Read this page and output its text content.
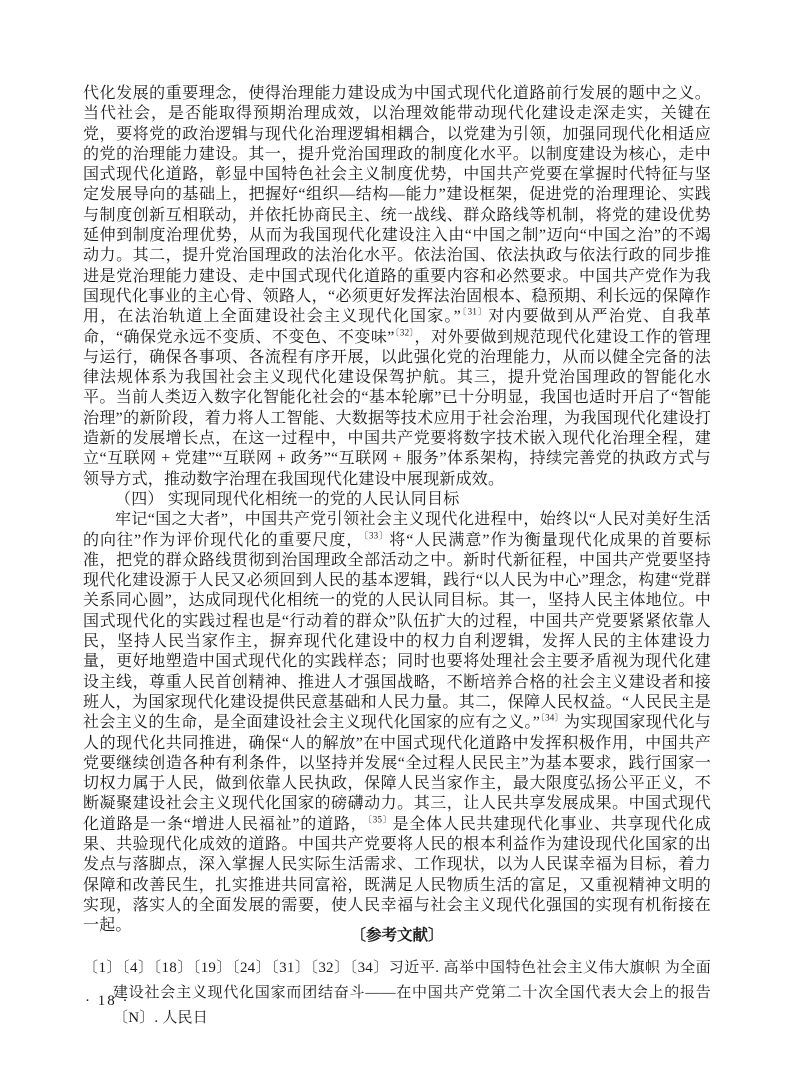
代化发展的重要理念，使得治理能力建设成为中国式现代化道路前行发展的题中之义。当代社会，是否能取得预期治理成效，以治理效能带动现代化建设走深走实，关键在党，要将党的政治逻辑与现代化治理逻辑相耦合，以党建为引领，加强同现代化相适应的党的治理能力建设。其一，提升党治国理政的制度化水平。以制度建设为核心，走中国式现代化道路，彰显中国特色社会主义制度优势，中国共产党要在掌握时代特征与坚定发展导向的基础上，把握好“组织—结构—能力”建设框架，促进党的治理理论、实践与制度创新互相联动，并依托协商民主、统一战线、群众路线等机制，将党的建设优势延伸到制度治理优势，从而为我国现代化建设注入由“中国之制”迈向“中国之治”的不竭动力。其二，提升党治国理政的法治化水平。依法治国、依法执政与依法行政的同步推进是党治理能力建设、走中国式现代化道路的重要内容和必然要求。中国共产党作为我国现代化事业的主心骨、领路人，“必须更好发挥法治固根本、稳预期、利长远的保障作用，在法治轨道上全面建设社会主义现代化国家。”$^{〔31〕}$对内要做到从严治党、自我革命，“确保党永远不变质、不变色、不变味”$^{〔32〕}$，对外要做到规范现代化建设工作的管理与运行，确保各事项、各流程有序开展，以此强化党的治理能力，从而以健全完备的法律法规体系为我国社会主义现代化建设保驾护航。其三，提升党治国理政的智能化水平。当前人类迈入数字化智能化社会的“基本轮廓”已十分明显，我国也适时开启了“智能治理”的新阶段，着力将人工智能、大数据等技术应用于社会治理，为我国现代化建设打造新的发展增长点，在这一过程中，中国共产党要将数字技术嵌入现代化治理全程，建立“互联网 + 党建”“互联网 + 政务”“互联网 + 服务”体系架构，持续完善党的执政方式与领导方式，推动数字治理在我国现代化建设中展现新成效。

（四） 实现同现代化相统一的党的人民认同目标

牢记“国之大者”，中国共产党引领社会主义现代化进程中，始终以“人民对美好生活的向往”作为评价现代化的重要尺度，$^{〔33〕}$将“人民满意”作为衡量现代化成果的首要标准，把党的群众路线贯彻到治国理政全部活动之中。新时代新征程，中国共产党要坚持现代化建设源于人民又必须回到人民的基本逻辑，践行“以人民为中心”理念，构建“党群关系同心圆”，达成同现代化相统一的党的人民认同目标。其一，坚持人民主体地位。中国式现代化的实践过程也是“行动着的群众”队伍扩大的过程，中国共产党要紧紧依靠人民，坚持人民当家作主，摒弃现代化建设中的权力自利逻辑，发挥人民的主体建设力量，更好地塑造中国式现代化的实践样态；同时也要将处理社会主要矛盾视为现代化建设主线，尊重人民首创精神、推进人才强国战略，不断培养合格的社会主义建设者和接班人，为国家现代化建设提供民意基础和人民力量。其二，保障人民权益。“人民民主是社会主义的生命，是全面建设社会主义现代化国家的应有之义。”$^{〔34〕}$为实现国家现代化与人的现代化共同推进，确保“人的解放”在中国式现代化道路中发挥积极作用，中国共产党要继续创造各种有利条件，以坚持并发展“全过程人民民主”为基本要求，践行国家一切权力属于人民，做到依靠人民执政，保障人民当家作主，最大限度弘扬公平正义，不断凝聚建设社会主义现代化国家的磅礴动力。其三，让人民共享发展成果。中国式现代化道路是一条“增进人民福祉”的道路，$^{〔35〕}$是全体人民共建现代化事业、共享现代化成果、共验现代化成效的道路。中国共产党要将人民的根本利益作为建设现代化国家的出发点与落脚点，深入掌握人民实际生活需求、工作现状，以为人民谋幸福为目标，着力保障和改善民生，扎实推进共同富裕，既满足人民物质生活的富足，又重视精神文明的实现，落实人的全面发展的需要，使人民幸福与社会主义现代化强国的实现有机衔接在一起。

〔参考文献〕
〔1〕〔4〕〔18〕〔19〕〔24〕〔31〕〔32〕〔34〕习近平. 高举中国特色社会主义伟大旗帜 为全面建设社会主义现代化国家而团结奋斗——在中国共产党第二十次全国代表大会上的报告〔N〕. 人民日
· 18 ·
